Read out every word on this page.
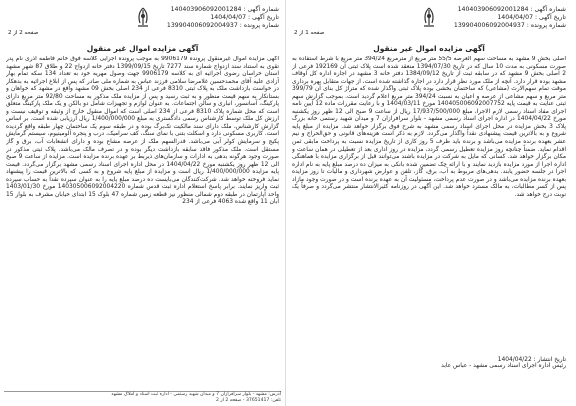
شماره آگهی : 140403906092001284
تاریخ آگهی : 1404/04/07
شماره پرونده : 139904006092004937
صفحه 2 از 2
آگهی مزایده اموال غیر منقول

آگهی مزایده اموال غیرمنقول پرونده 9906179 به موجب پرونده اجرایی کلاسه فوق خانم فاطمه آذری نام پدر تقوی به استناد سند ازدواج شماره سند 7277 تاریخ 1399/09/15 دفتر خانه ازدواج 22 و طلاق 87 شهر مشهد استان خراسان رضوی اجرائیه ای به کلاسه 9906179 جهت وصول مهریه خود به تعداد 134 سکه تمام بهار آزادی علیه آقای محمدحسین غلامرضا سلامی فرزند عباس به شماره ملی صادر که پس از ابلاغ اجرائیه به بدهکار در خواست بازداشت ملک به پلاک ثبتی 8310 فرعی از 234 اصلی بخش 09 مشهد واقع در مشهد که خواهان و بستانکار به سهم قیمت منظور و به ثبت رسید و پس از مزایده ملک مذکور به مساحت 92/80 متر مربع دارای پارکینگ، آسانسور، انباری و سالن اجتماعات. به عنوان لوازم و تجهیزات شامل دو بالکن و یک ملک پارکینگ متعلق است که محل شماره پلاک 8310 فرعی از 234 اصلی است که اموال منقول خارج از وثیقه و توقیف نیست و ارزش کل ملک توسط کارشناس رسمی دادگستری به مبلغ 1/400/000/000 ریال ارزیابی شده است. بر اساس گزارش کارشناس، ملک دارای سند مالکیت تک‌برگ بوده و در طبقه سوم یک ساختمان چهار طبقه واقع گردیده است. کاربری مسکونی دارد و اسکلت بتنی با نمای سنگ، کف سرامیک، درب و پنجره آلومینیوم، سیستم گرمایش پکیج و سرمایش کولر آبی می‌باشد. قدرالسهم ملک از عرصه مشاع بوده و دارای انشعابات آب، برق و گاز مستقل است. ملک مذکور فاقد سابقه بازداشت دیگر بوده و در تصرف مالک می‌باشد. پلاک ثبتی مذکور در صورت وجود هرگونه بدهی به ادارات و سازمان‌های ذیربط بر عهده برنده مزایده است. مزایده از ساعت 9 صبح الی 12 ظهر روز یکشنبه مورخ 1404/04/22 در محل اداره اجرای اسناد رسمی مشهد برگزار می‌گردد. قیمت پایه مزایده 1/400/000/000 ریال است و مزایده از مبلغ پایه شروع و به کسی که بالاترین قیمت را پیشنهاد نماید فروخته خواهد شد. شرکت‌کنندگان می‌بایست ده درصد مبلغ پایه را به عنوان سپرده نقداً به حساب سپرده ثبت واریز نمایند. برابر پاسخ استعلام اداره ثبت قدس شماره 140305006092004220 مورخ 1403/01/30 واحد آپارتمان در طبقه دوم شمالی منظور نیز قطعه زمین شماره 47 بلوک 15 ابتدای خیابان مشرف به بلوار 15 آبان 11 واقع شده 4063 فرعی از 234

آدرس: مشهد - بلوار سرافرازان 7 و میدان شهید رستمی - اداره ثبت اسناد و املاک مشهد
تلفن: 37651417 - صفحه 2 از 2
شماره آگهی : 140403906092001284
تاریخ آگهی : 1404/04/07
شماره پرونده : 139904006092004937
صفحه 1 از 2
آگهی مزایده اموال غیر منقول

اصلی بخش 9 مشهد به مساحت سهم العرصه 55/5 متر مربع از مترمربع 394/24 متر مربع با شرط استفاده به صورت مسکونی به مدت 10 سال که در تاریخ 1394/07/30 منعقد شده است پلاک ثبتی آن 192169 فرعی از 2 اصلی بخش 9 مشهد که در سابقه ثبت از تاریخ 1384/09/12 دفتر خانه 3 مشهد در اجاره اداره کل اوقاف مشهد بوده قرار دارد. آنچه از ملک مورد نظر قرار دارد در اجاره گذاشته شده است، از جهات متقابل بهره برداری موقت تمام سهم‌الارث (مشاعی) که ساختمان بخشی بوده پلاک ثبتی واگذار شده که متراژ کل بنای آن 399/79 متر مربع و سهم مشاعی از عرصه و اعیان به نسبت 394/24 متر مربع اعلام گردید است. بموجب گزارش سهم ثبتی عنایت به قیمت پایه 140405006092007752 مورخ 1404/03/11 و با رعایت مقررات ماده 12 آیین نامه اجرای مفاد اسناد رسمی لازم الاجرا، مبلغ 17/937/500/000 ریال از ساعت 9 صبح الی 12 ظهر روز یکشنبه مورخ 1404/04/22 در اداره اجرای اسناد رسمی مشهد - بلوار سرافرازان 7 و میدان شهید رستمی خانه بزرگ پلاک 3 بخش مزایده در محل اجرای اسناد رسمی مشهد به شرح فوق برگزار خواهد شد. مزایده از مبلغ پایه شروع و به بالاترین قیمت پیشنهادی نقداً واگذار می‌گردد. لازم به ذکر است هزینه‌های قانونی و حق‌الحراج و نیم عشر بعهده برنده مزایده می‌باشد و برنده باید ظرف 5 روز کاری از تاریخ مزایده نسبت به پرداخت مابقی ثمن اقدام نماید. ضمناً چنانچه روز مزایده تعطیل رسمی گردد، مزایده در روز اداری بعد از تعطیلی در همان ساعت و مکان برگزار خواهد شد. کسانی که مایل به شرکت در مزایده باشند می‌توانند قبل از برگزاری مزایده با هماهنگی اداره اجرا از مورد مزایده بازدید نمایند و با ارائه چک تضمین شده بانکی به میزان ده درصد مبلغ پایه به نام اداره اجرا در جلسه حضور یابند. بدهی‌های مربوط به آب، برق، گاز، تلفن و عوارض شهرداری و مالیات تا روز مزایده بعهده برنده مزایده می‌باشد و در صورت عدم پرداخت، مسئولیت آن به عهده برنده است و در صورت وجود مازاد پس از کسر مطالبات، به مالک مسترد خواهد شد. این آگهی در روزنامه کثیرالانتشار منتشر می‌گردد و صرفاً یک نوبت درج خواهد شد.

تاریخ انتشار : 1404/04/22
رئیس اداره اجرای اسناد رسمی مشهد - عباس عابد
